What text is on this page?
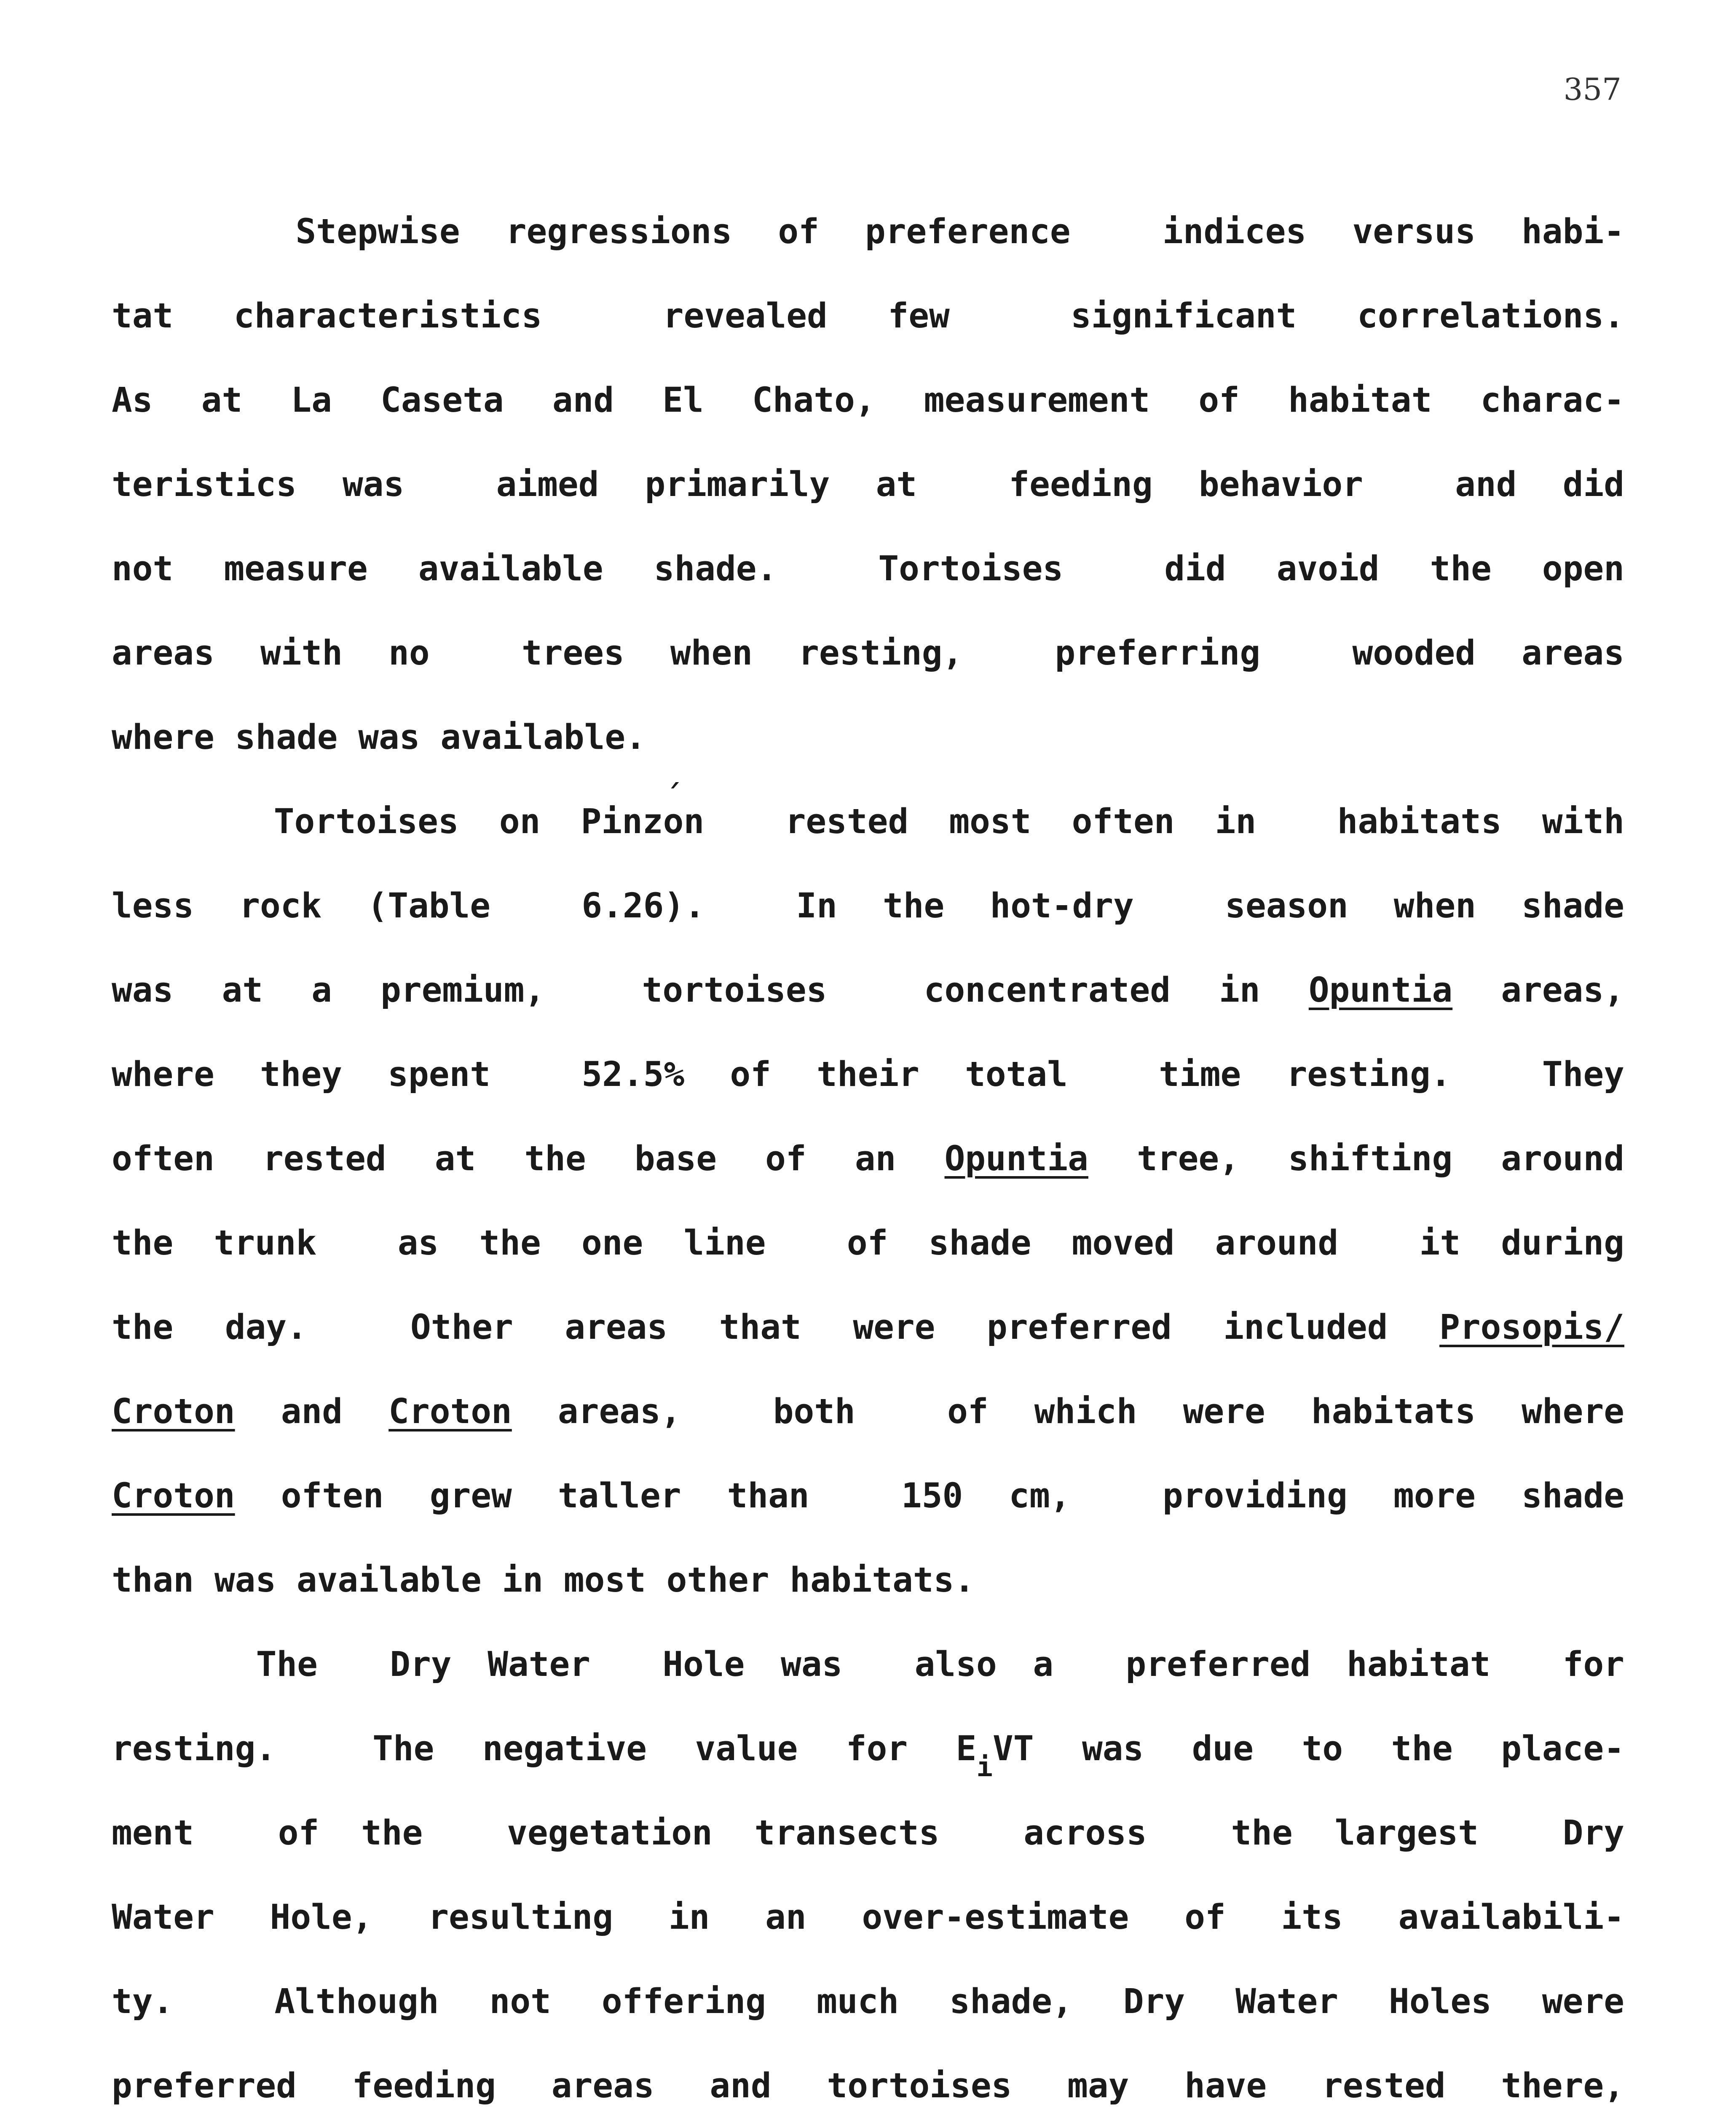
357
Stepwise regressions of preference  indices versus habi-
tat characteristics  revealed few  significant correlations.
As at La Caseta and El Chato, measurement of habitat charac-
teristics was  aimed primarily at  feeding behavior  and did
not measure available shade.  Tortoises  did avoid the open
areas with no  trees when resting,  preferring  wooded areas
where shade was available.
Tortoises on Pinz´ on  rested most often in  habitats with
less rock (Table  6.26).  In the hot-dry  season when shade
was at a premium,  tortoises  concentrated in Opuntia areas,
where they spent  52.5% of their total  time resting.  They
often rested at the base of an Opuntia tree, shifting around
the trunk  as the one line  of shade moved around  it during
the day.  Other areas that were preferred included Prosopis/
Croton and Croton areas,  both  of which were habitats where
Croton often grew taller than  150 cm,  providing more shade
than was available in most other habitats.
The  Dry Water  Hole was  also a  preferred habitat  for
resting.  The negative value for $E_iVT$ was due to the place-
ment  of the  vegetation transects  across  the largest  Dry
Water Hole, resulting in an over-estimate of its availabili-
ty.  Although not offering much shade, Dry Water Holes were
preferred feeding areas and tortoises may have rested there,
